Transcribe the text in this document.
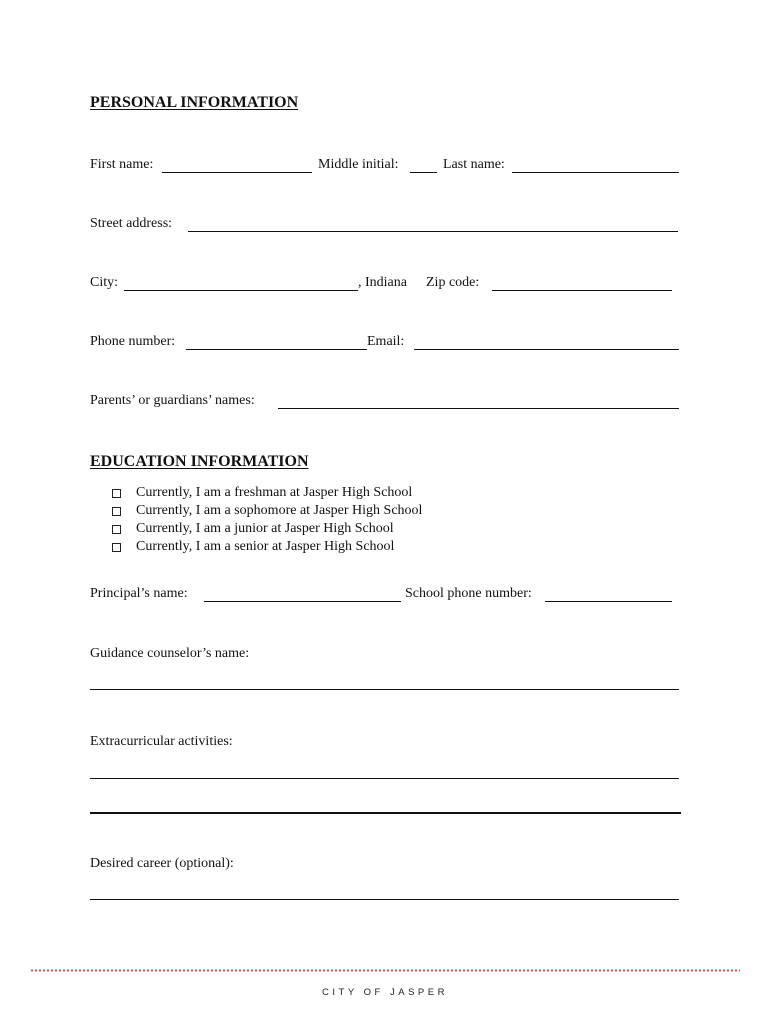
PERSONAL INFORMATION
First name:	Middle initial:	Last name:
Street address:
City:	, Indiana Zip code:
Phone number:	Email:
Parents’ or guardians’ names:
EDUCATION INFORMATION
Currently, I am a freshman at Jasper High School
Currently, I am a sophomore at Jasper High School
Currently, I am a junior at Jasper High School
Currently, I am a senior at Jasper High School
Principal’s name:	School phone number:
Guidance counselor’s name:
Extracurricular activities:
Desired career (optional):
CITY OF JASPER
